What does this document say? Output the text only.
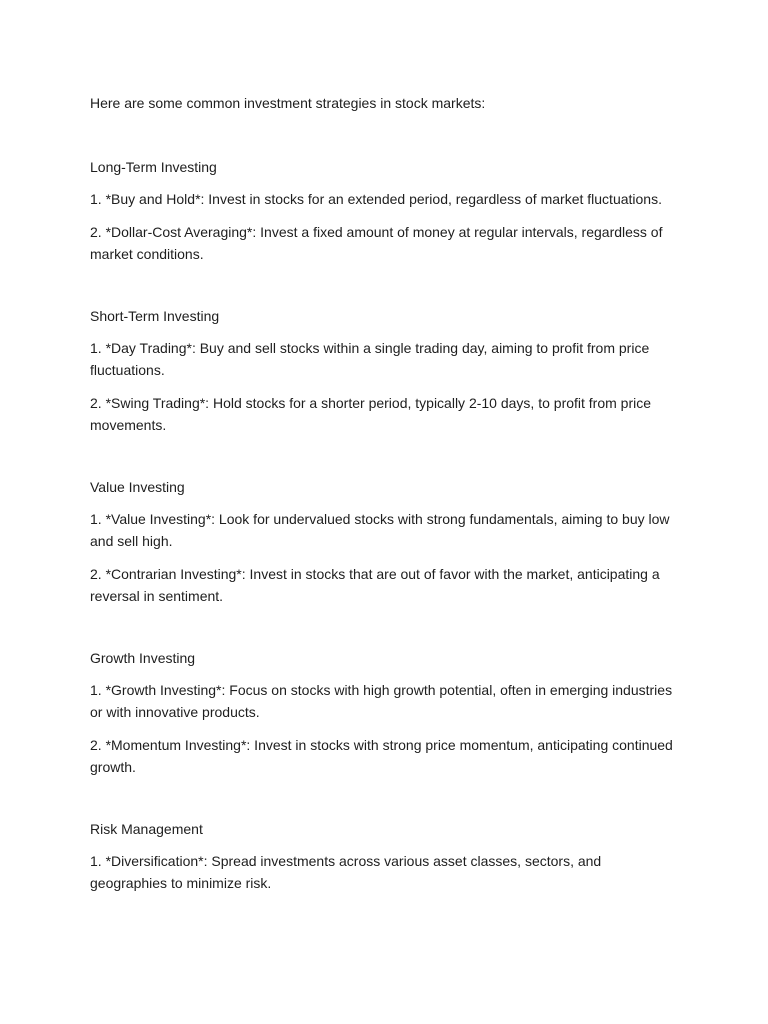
Here are some common investment strategies in stock markets:

Long-Term Investing

1. *Buy and Hold*: Invest in stocks for an extended period, regardless of market fluctuations.

2. *Dollar-Cost Averaging*: Invest a fixed amount of money at regular intervals, regardless of market conditions.

Short-Term Investing

1. *Day Trading*: Buy and sell stocks within a single trading day, aiming to profit from price fluctuations.

2. *Swing Trading*: Hold stocks for a shorter period, typically 2-10 days, to profit from price movements.

Value Investing

1. *Value Investing*: Look for undervalued stocks with strong fundamentals, aiming to buy low and sell high.

2. *Contrarian Investing*: Invest in stocks that are out of favor with the market, anticipating a reversal in sentiment.

Growth Investing

1. *Growth Investing*: Focus on stocks with high growth potential, often in emerging industries or with innovative products.

2. *Momentum Investing*: Invest in stocks with strong price momentum, anticipating continued growth.

Risk Management

1. *Diversification*: Spread investments across various asset classes, sectors, and geographies to minimize risk.
